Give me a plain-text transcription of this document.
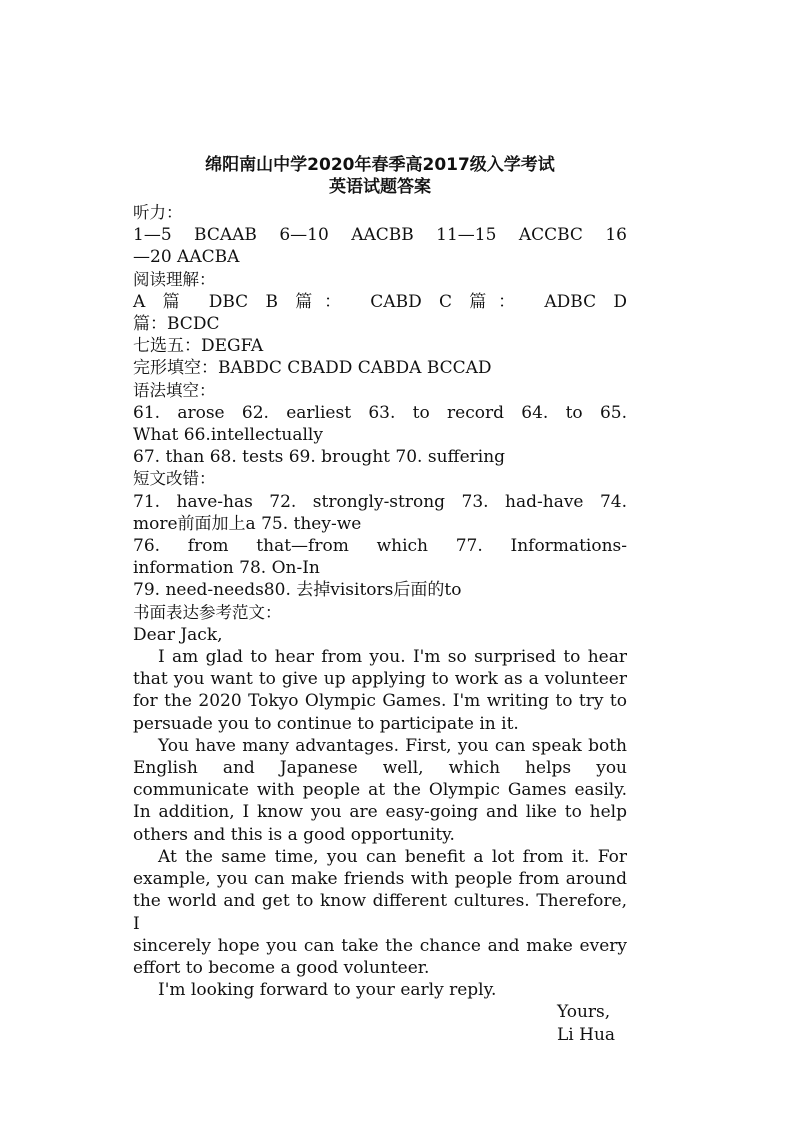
绵阳南山中学2020年春季高2017级入学考试
英语试题答案

听力：

1—5 BCAAB 6—10 AACBB 11—15 ACCBC 16

—20 AACBA

阅读理解：

A 篇 DBC B 篇： CABD C 篇： ADBC D

篇：BCDC

七选五：DEGFA

完形填空：BABDC CBADD CABDA BCCAD

语法填空：

61. arose 62. earliest 63. to record 64. to 65.

What 66.intellectually

67. than 68. tests 69. brought 70. suffering

短文改错：

71. have-has 72. strongly-strong 73. had-have 74.

more前面加上a 75. they-we

76. from that—from which 77. Informations-

information 78. On-In

79. need-needs80. 去掉visitors后面的to

书面表达参考范文：

Dear Jack,

I am glad to hear from you. I'm so surprised to hear

that you want to give up applying to work as a volunteer

for the 2020 Tokyo Olympic Games. I'm writing to try to

persuade you to continue to participate in it.

You have many advantages. First, you can speak both

English and Japanese well, which helps you

communicate with people at the Olympic Games easily.

In addition, I know you are easy-going and like to help

others and this is a good opportunity.

At the same time, you can benefit a lot from it. For

example, you can make friends with people from around

the world and get to know different cultures. Therefore, I

sincerely hope you can take the chance and make every

effort to become a good volunteer.

I'm looking forward to your early reply.

Yours,

Li Hua
